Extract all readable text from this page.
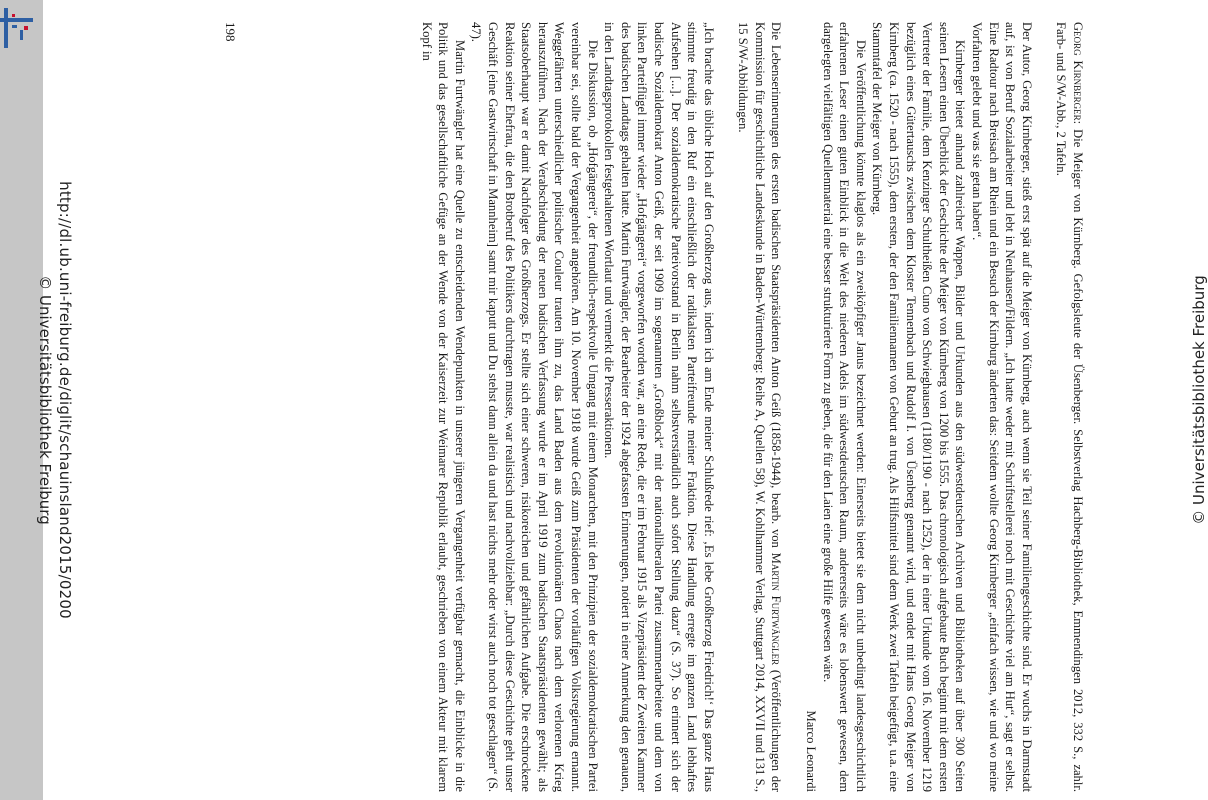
© Universitätsbibliothek Freiburg

Georg Kirnberger: Die Meiger von Kürnberg. Gefolgsleute der Üsenberger. Selbstverlag Hachberg-Bibliothek, Emmendingen 2012, 332 S., zahlr. Farb- und S/W-Abb., 2 Tafeln.

Der Autor, Georg Kirnberger, stieß erst spät auf die Meiger von Kürnberg, auch wenn sie Teil seiner Familiengeschichte sind. Er wuchs in Darmstadt auf, ist von Beruf Sozialarbeiter und lebt in Neuhausen/Fildern. „Ich hatte weder mit Schriftstellerei noch mit Geschichte viel am Hut“, sagt er selbst. Eine Radtour nach Breisach am Rhein und ein Besuch der Kirnburg änderten das: Seitdem wollte Georg Kirnberger „einfach wissen, wie und wo meine Vorfahren gelebt und was sie getan haben“.

Kirnberger bietet anhand zahlreicher Wappen, Bilder und Urkunden aus den südwestdeutschen Archiven und Bibliotheken auf über 300 Seiten seinen Lesern einen Überblick der Geschichte der Meiger von Kürnberg von 1200 bis 1555. Das chronologisch aufgebaute Buch beginnt mit dem ersten Vertreter der Familie, dem Kenzinger Schultheißen Cuno von Schwieghausen (1180/1190 - nach 1252), der in einer Urkunde vom 16. November 1219 bezüglich eines Gütertauschs zwischen dem Kloster Tennenbach und Rudolf I. von Üsenberg genannt wird, und endet mit Hans Georg Meiger von Kirnberg (ca. 1520 - nach 1555), dem ersten, der den Familiennamen von Geburt an trug. Als Hilfsmittel sind dem Werk zwei Tafeln beigefügt, u.a. eine Stammtafel der Meiger von Kürnberg.

Die Veröffentlichung könnte klaglos als ein zweiköpfiger Janus bezeichnet werden: Einerseits bietet sie dem nicht unbedingt landesgeschichtlich erfahrenen Leser einen guten Einblick in die Welt des niederen Adels im südwestdeutschen Raum, andererseits wäre es lobenswert gewesen, dem dargelegten vielfältigen Quellenmaterial eine besser strukturierte Form zu geben, die für den Laien eine große Hilfe gewesen wäre.

Marco Leonardi

Die Lebenserinnerungen des ersten badischen Staatspräsidenten Anton Geiß (1858-1944), bearb. von Martin Furtwängler (Veröffentlichungen der Kommission für geschichtliche Landeskunde in Baden-Württemberg: Reihe A, Quellen 58), W. Kohlhammer Verlag, Stuttgart 2014, XXVII und 131 S., 15 S/W-Abbildungen.

„Ich brachte das übliche Hoch auf den Großherzog aus, indem ich am Ende meiner Schlußrede rief: ‚Es lebe Großherzog Friedrich!‘ Das ganze Haus stimmte freudig in den Ruf ein einschließlich der radikalsten Parteifreunde meiner Fraktion. Diese Handlung erregte im ganzen Land lebhaftes Aufsehen [...]. Der sozialdemokratische Parteivorstand in Berlin nahm selbstverständlich auch sofort Stellung dazu“ (S. 37). So erinnert sich der badische Sozialdemokrat Anton Geiß, der seit 1909 im sogenannten „Großblock“ mit der nationalliberalen Partei zusammenarbeitete und dem von linken Parteiflügel immer wieder „Hofgängerei“ vorgeworfen worden war, an eine Rede, die er im Februar 1915 als Vizepräsident der Zweiten Kammer des badischen Landtags gehalten hatte. Martin Furtwängler, der Bearbeiter der 1924 abgefassten Erinnerungen, notiert in einer Anmerkung den genauen, in den Landtagsprotokollen festgehaltenen Wortlaut und vermerkt die Presseraktionen.

Die Diskussion, ob „Hofgängerei“, der freundlich-respektvolle Umgang mit einem Monarchen, mit den Prinzipien der sozialdemokratischen Partei vereinbar sei, sollte bald der Vergangenheit angehören. Am 10. November 1918 wurde Geiß zum Präsidenten der vorläufigen Volksregierung ernannt. Weggefährten unterschiedlicher politischer Couleur trauten ihm zu, das Land Baden aus dem revolutionären Chaos nach dem verlorenen Krieg herauszuführen. Nach der Verabschiedung der neuen badischen Verfassung wurde er im April 1919 zum badischen Staatspräsidenten gewählt; als Staatsoberhaupt war er damit Nachfolger des Großherzogs. Er stellte sich einer schweren, risikoreichen und gefährlichen Aufgabe. Die erschrockene Reaktion seiner Ehefrau, die den Brotberuf des Politikers durchtragen musste, war realistisch und nachvollziehbar: „Durch diese Geschichte geht unser Geschäft [eine Gastwirtschaft in Mannheim] samt mir kaputt und Du stehst dann allein da und hast nichts mehr oder wirst auch noch tot geschlagen“ (S. 47).

Martin Furtwängler hat eine Quelle zu entscheidenden Wendepunkten in unserer jüngeren Vergangenheit verfügbar gemacht, die Einblicke in die Politik und das gesellschaftliche Gefüge an der Wende von der Kaiserzeit zur Weimarer Republik erlaubt, geschrieben von einem Akteur mit klarem Kopf in

198
http://dl.ub.uni-freiburg.de/diglit/schauinsland2015/0200
© Universitätsbibliothek Freiburg
